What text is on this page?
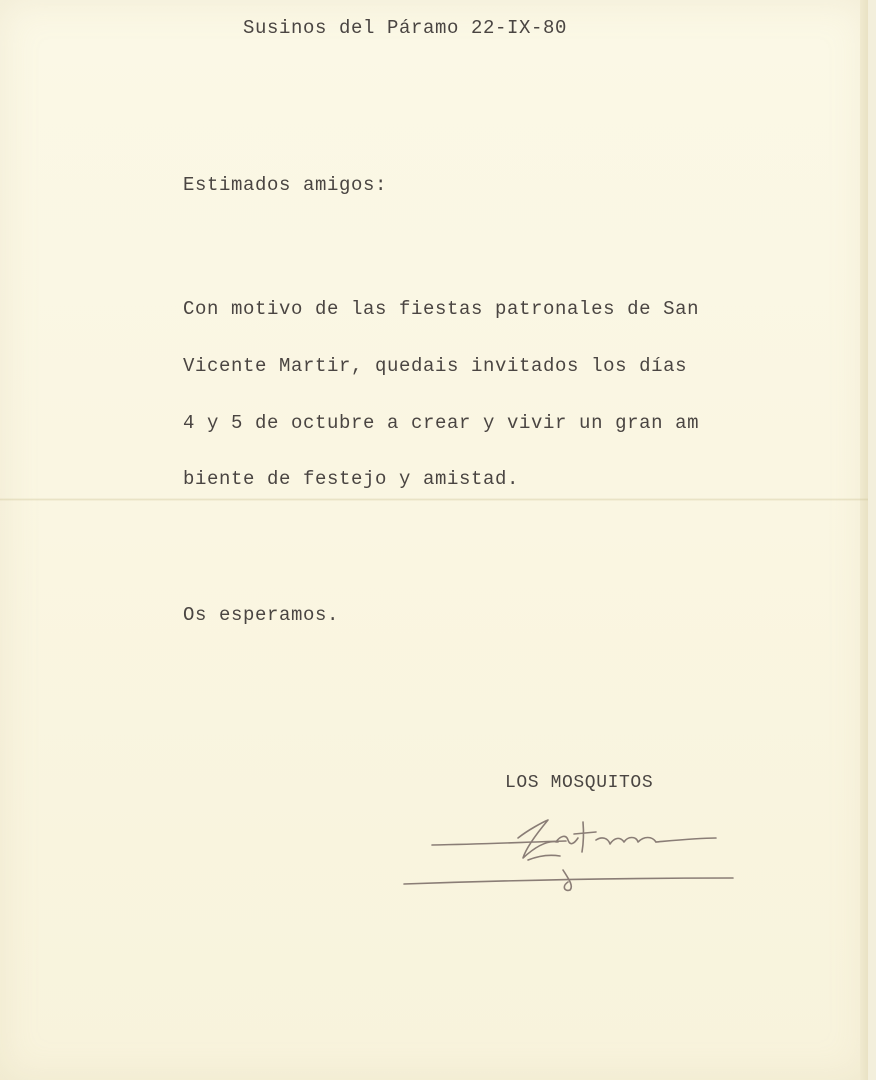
Susinos del Páramo 22-IX-80

Estimados amigos:

Con motivo de las fiestas patronales de San

Vicente Martir, quedais invitados los días

4 y 5 de octubre a crear y vivir un gran am

biente de festejo y amistad.

Os esperamos.

LOS MOSQUITOS
